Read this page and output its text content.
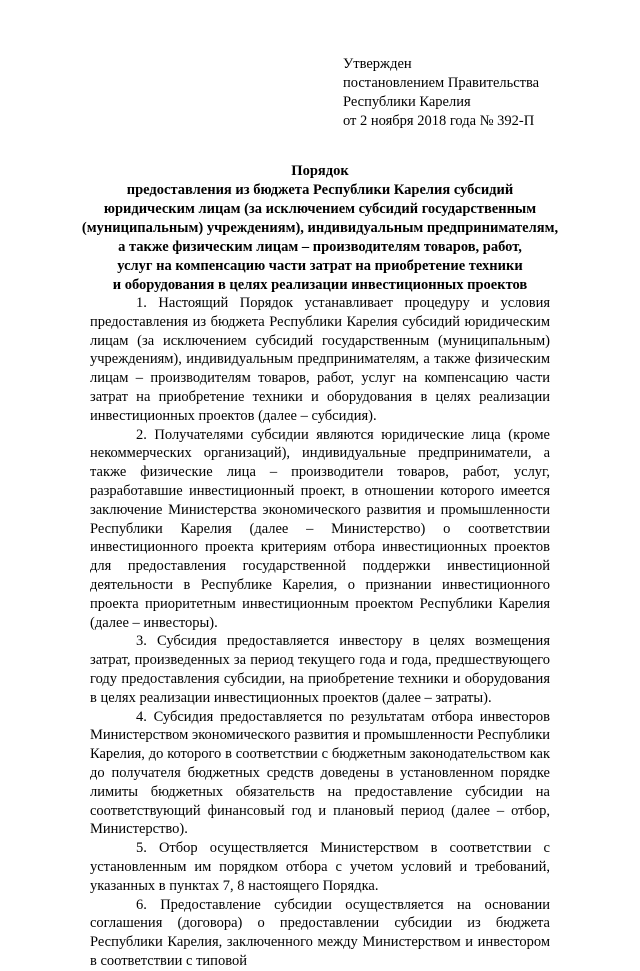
Утвержден
постановлением Правительства
Республики Карелия
от 2 ноября 2018 года № 392-П
Порядок
предоставления из бюджета Республики Карелия субсидий
юридическим лицам (за исключением субсидий государственным
(муниципальным) учреждениям), индивидуальным предпринимателям,
а также физическим лицам – производителям товаров, работ,
услуг на компенсацию части затрат на приобретение техники
и оборудования в целях реализации инвестиционных проектов

1. Настоящий Порядок устанавливает процедуру и условия предоставления из бюджета Республики Карелия субсидий юридическим лицам (за исключением субсидий государственным (муниципальным) учреждениям), индивидуальным предпринимателям, а также физическим лицам – производителям товаров, работ, услуг на компенсацию части затрат на приобретение техники и оборудования в целях реализации инвестиционных проектов (далее – субсидия).

2. Получателями субсидии являются юридические лица (кроме некоммерческих организаций), индивидуальные предприниматели, а также физические лица – производители товаров, работ, услуг, разработавшие инвестиционный проект, в отношении которого имеется заключение Министерства экономического развития и промышленности Республики Карелия (далее – Министерство) о соответствии инвестиционного проекта критериям отбора инвестиционных проектов для предоставления государственной поддержки инвестиционной деятельности в Республике Карелия, о признании инвестиционного проекта приоритетным инвестиционным проектом Республики Карелия (далее – инвесторы).

3. Субсидия предоставляется инвестору в целях возмещения затрат, произведенных за период текущего года и года, предшествующего году предоставления субсидии, на приобретение техники и оборудования в целях реализации инвестиционных проектов (далее – затраты).

4. Субсидия предоставляется по результатам отбора инвесторов Министерством экономического развития и промышленности Республики Карелия, до которого в соответствии с бюджетным законодательством как до получателя бюджетных средств доведены в установленном порядке лимиты бюджетных обязательств на предоставление субсидии на соответствующий финансовый год и плановый период (далее – отбор, Министерство).

5. Отбор осуществляется Министерством в соответствии с установленным им порядком отбора с учетом условий и требований, указанных в пунктах 7, 8 настоящего Порядка.

6. Предоставление субсидии осуществляется на основании соглашения (договора) о предоставлении субсидии из бюджета Республики Карелия, заключенного между Министерством и инвестором в соответствии с типовой
